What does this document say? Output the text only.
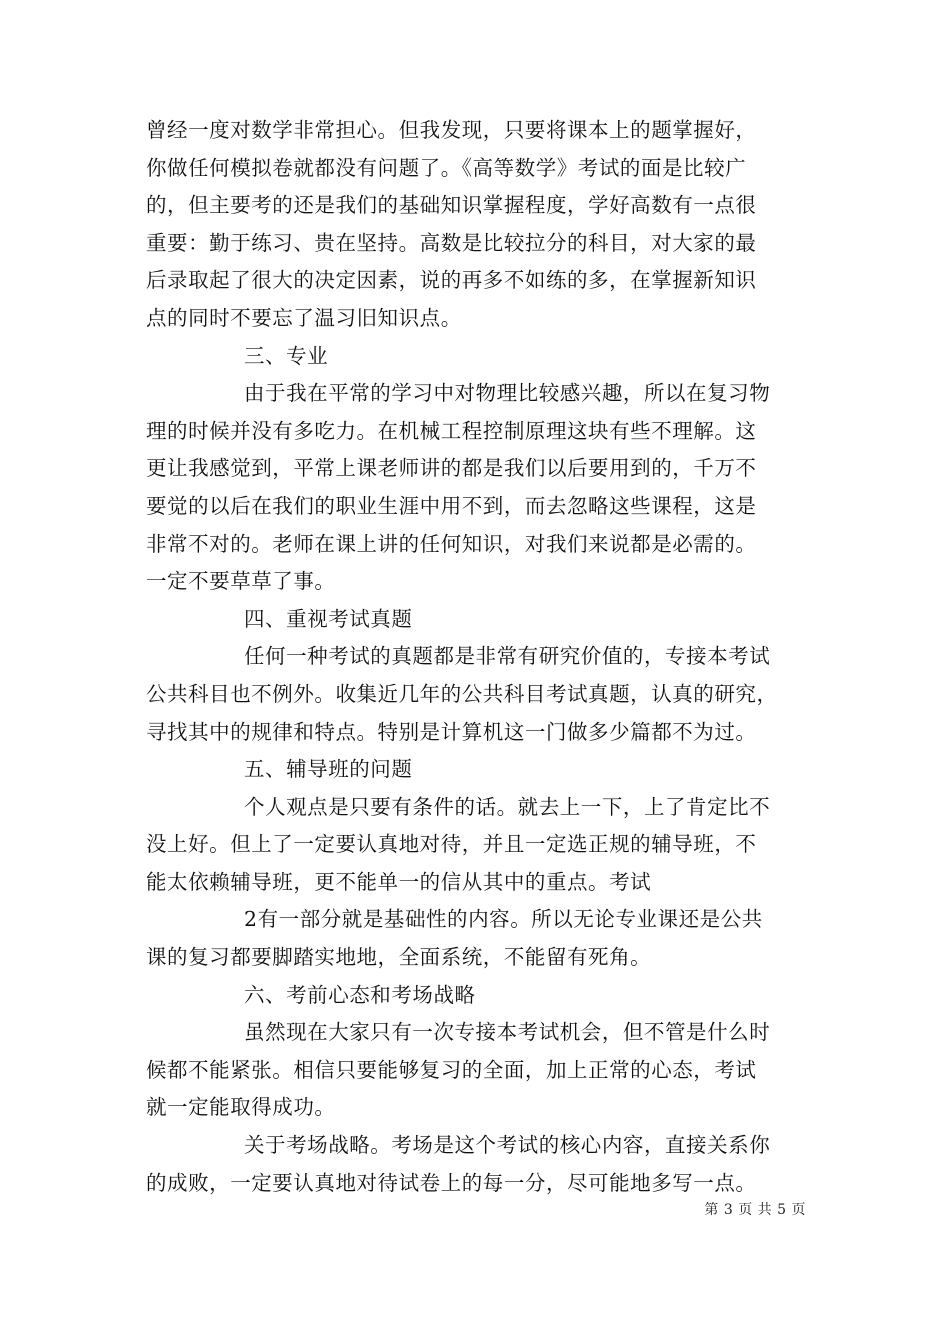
曾经一度对数学非常担心。但我发现，只要将课本上的题掌握好，
你做任何模拟卷就都没有问题了。《高等数学》考试的面是比较广
的，但主要考的还是我们的基础知识掌握程度，学好高数有一点很
重要：勤于练习、贵在坚持。高数是比较拉分的科目，对大家的最
后录取起了很大的决定因素，说的再多不如练的多，在掌握新知识
点的同时不要忘了温习旧知识点。
三、专业
由于我在平常的学习中对物理比较感兴趣，所以在复习物
理的时候并没有多吃力。在机械工程控制原理这块有些不理解。这
更让我感觉到，平常上课老师讲的都是我们以后要用到的，千万不
要觉的以后在我们的职业生涯中用不到，而去忽略这些课程，这是
非常不对的。老师在课上讲的任何知识，对我们来说都是必需的。
一定不要草草了事。
四、重视考试真题
任何一种考试的真题都是非常有研究价值的，专接本考试
公共科目也不例外。收集近几年的公共科目考试真题，认真的研究，
寻找其中的规律和特点。特别是计算机这一门做多少篇都不为过。
五、辅导班的问题
个人观点是只要有条件的话。就去上一下，上了肯定比不
没上好。但上了一定要认真地对待，并且一定选正规的辅导班，不
能太依赖辅导班，更不能单一的信从其中的重点。考试
2有一部分就是基础性的内容。所以无论专业课还是公共
课的复习都要脚踏实地地，全面系统，不能留有死角。
六、考前心态和考场战略
虽然现在大家只有一次专接本考试机会，但不管是什么时
候都不能紧张。相信只要能够复习的全面，加上正常的心态，考试
就一定能取得成功。
关于考场战略。考场是这个考试的核心内容，直接关系你
的成败，一定要认真地对待试卷上的每一分，尽可能地多写一点。
第 3 页 共 5 页
